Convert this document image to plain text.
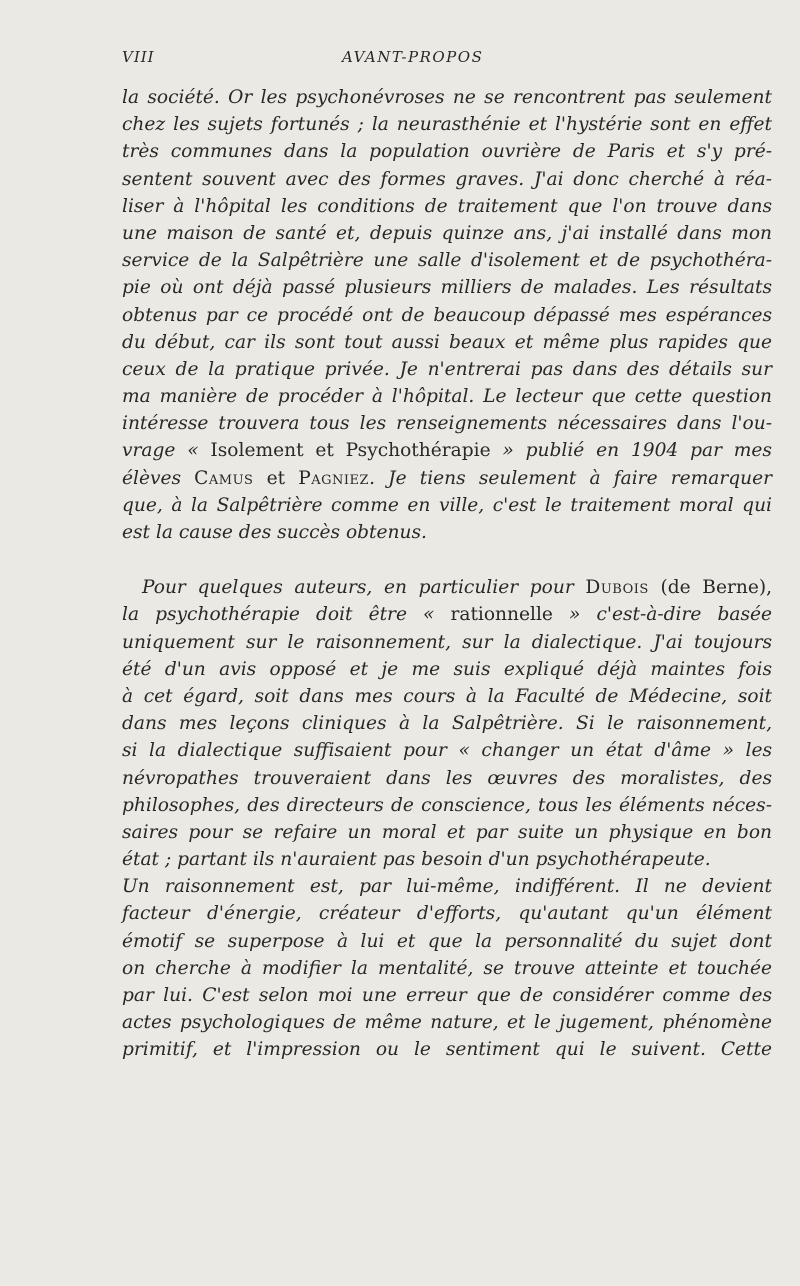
VIII	AVANT-PROPOS
la société. Or les psychonévroses ne se rencontrent pas seulement
chez les sujets fortunés ; la neurasthénie et l'hystérie sont en effet
très communes dans la population ouvrière de Paris et s'y pré-
sentent souvent avec des formes graves. J'ai donc cherché à réa-
liser à l'hôpital les conditions de traitement que l'on trouve dans
une maison de santé et, depuis quinze ans, j'ai installé dans mon
service de la Salpêtrière une salle d'isolement et de psychothéra-
pie où ont déjà passé plusieurs milliers de malades. Les résultats
obtenus par ce procédé ont de beaucoup dépassé mes espérances
du début, car ils sont tout aussi beaux et même plus rapides que
ceux de la pratique privée. Je n'entrerai pas dans des détails sur
ma manière de procéder à l'hôpital. Le lecteur que cette question
intéresse trouvera tous les renseignements nécessaires dans l'ou-
vrage « Isolement et Psychothérapie » publié en 1904 par mes
élèves Camus et Pagniez. Je tiens seulement à faire remarquer
que, à la Salpêtrière comme en ville, c'est le traitement moral qui
est la cause des succès obtenus.
Pour quelques auteurs, en particulier pour Dubois (de Berne),
la psychothérapie doit être « rationnelle » c'est-à-dire basée
uniquement sur le raisonnement, sur la dialectique. J'ai toujours
été d'un avis opposé et je me suis expliqué déjà maintes fois
à cet égard, soit dans mes cours à la Faculté de Médecine, soit
dans mes leçons cliniques à la Salpêtrière. Si le raisonnement,
si la dialectique suffisaient pour « changer un état d'âme » les
névropathes trouveraient dans les œuvres des moralistes, des
philosophes, des directeurs de conscience, tous les éléments néces-
saires pour se refaire un moral et par suite un physique en bon
état ; partant ils n'auraient pas besoin d'un psychothérapeute.
Un raisonnement est, par lui-même, indifférent. Il ne devient
facteur d'énergie, créateur d'efforts, qu'autant qu'un élément
émotif se superpose à lui et que la personnalité du sujet dont
on cherche à modifier la mentalité, se trouve atteinte et touchée
par lui. C'est selon moi une erreur que de considérer comme des
actes psychologiques de même nature, et le jugement, phénomène
primitif, et l'impression ou le sentiment qui le suivent. Cette
